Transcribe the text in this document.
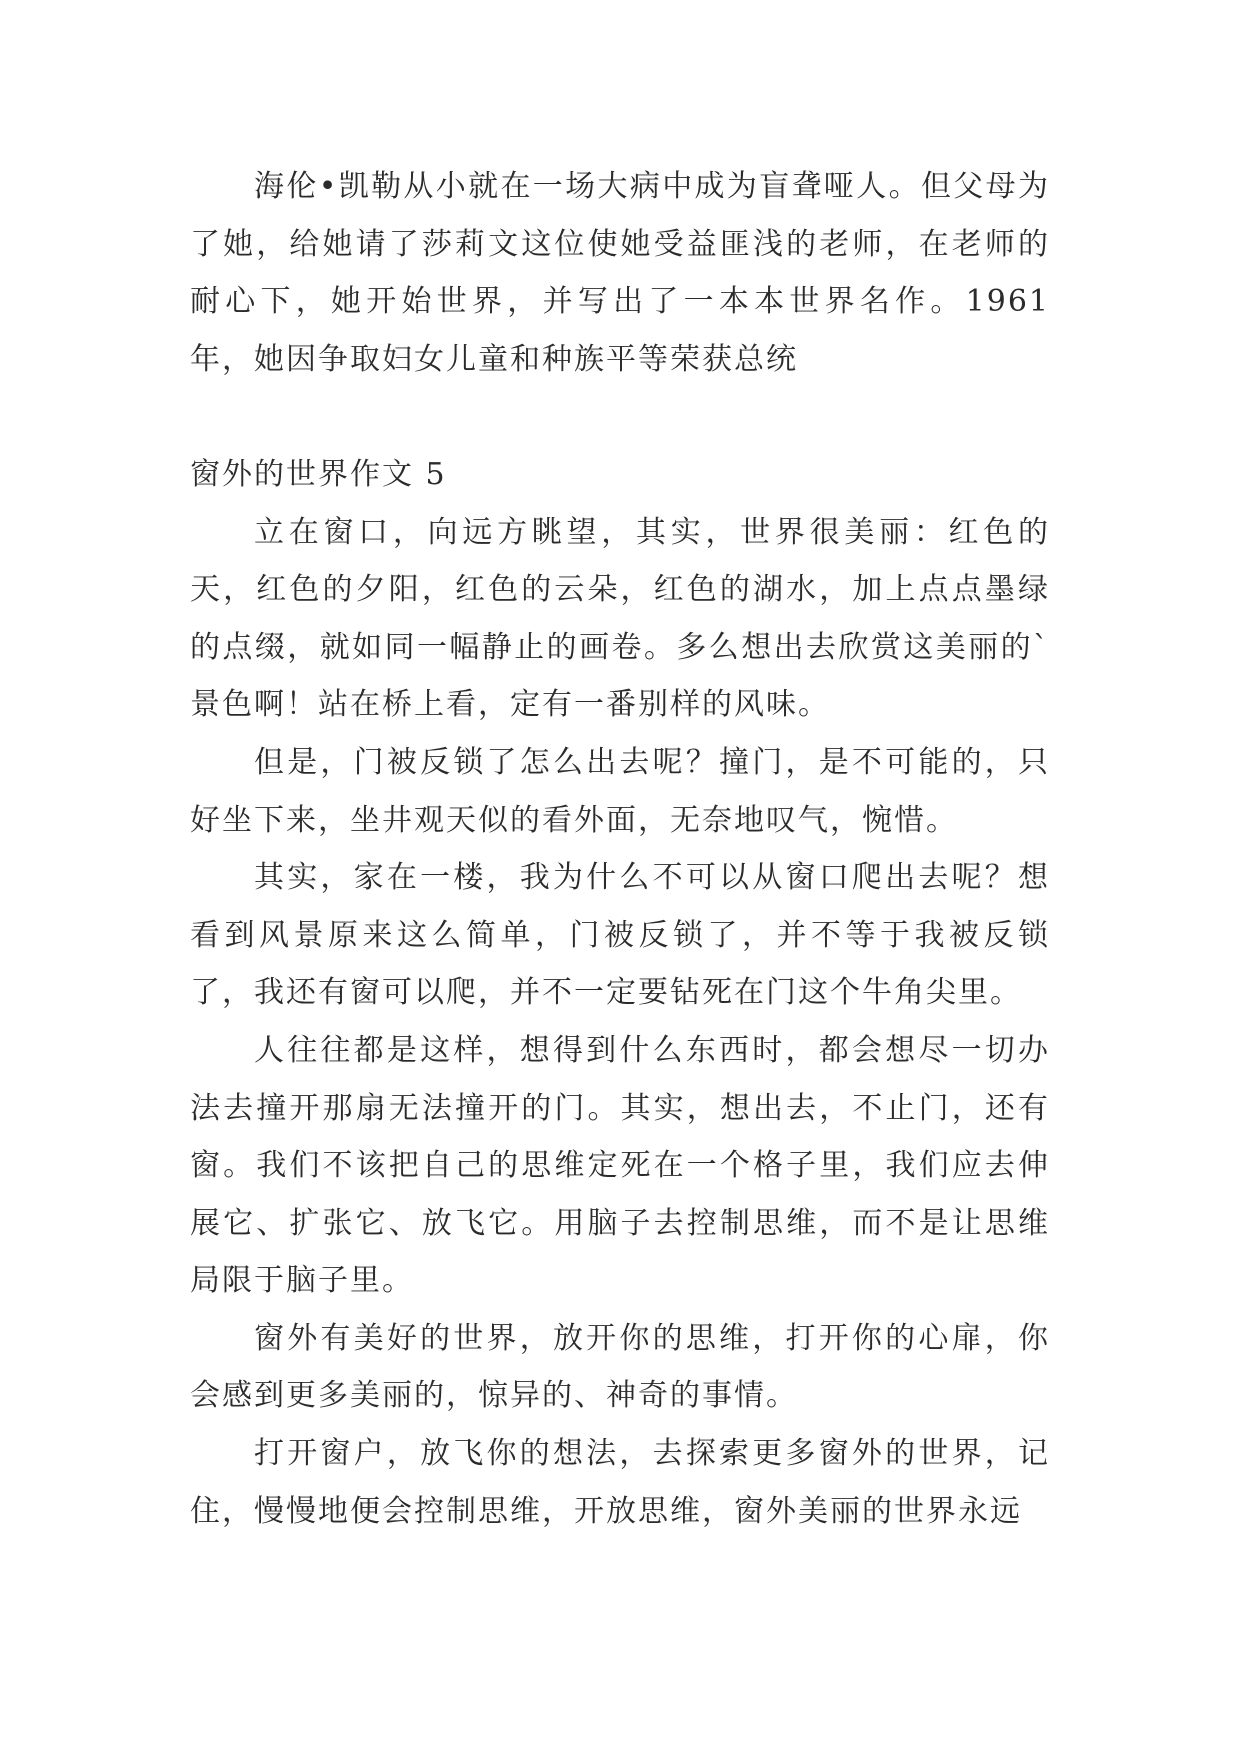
海伦•凯勒从小就在一场大病中成为盲聋哑人。但父母为了她，给她请了莎莉文这位使她受益匪浅的老师，在老师的耐心下，她开始世界，并写出了一本本世界名作。1961 年，她因争取妇女儿童和种族平等荣获总统

窗外的世界作文 5

立在窗口，向远方眺望，其实，世界很美丽：红色的天，红色的夕阳，红色的云朵，红色的湖水，加上点点墨绿的点缀，就如同一幅静止的画卷。多么想出去欣赏这美丽的`景色啊！站在桥上看，定有一番别样的风味。

但是，门被反锁了怎么出去呢？撞门，是不可能的，只好坐下来，坐井观天似的看外面，无奈地叹气，惋惜。

其实，家在一楼，我为什么不可以从窗口爬出去呢？想看到风景原来这么简单，门被反锁了，并不等于我被反锁了，我还有窗可以爬，并不一定要钻死在门这个牛角尖里。

人往往都是这样，想得到什么东西时，都会想尽一切办法去撞开那扇无法撞开的门。其实，想出去，不止门，还有窗。我们不该把自己的思维定死在一个格子里，我们应去伸展它、扩张它、放飞它。用脑子去控制思维，而不是让思维局限于脑子里。

窗外有美好的世界，放开你的思维，打开你的心扉，你会感到更多美丽的，惊异的、神奇的事情。

打开窗户，放飞你的想法，去探索更多窗外的世界，记住，慢慢地便会控制思维，开放思维，窗外美丽的世界永远
